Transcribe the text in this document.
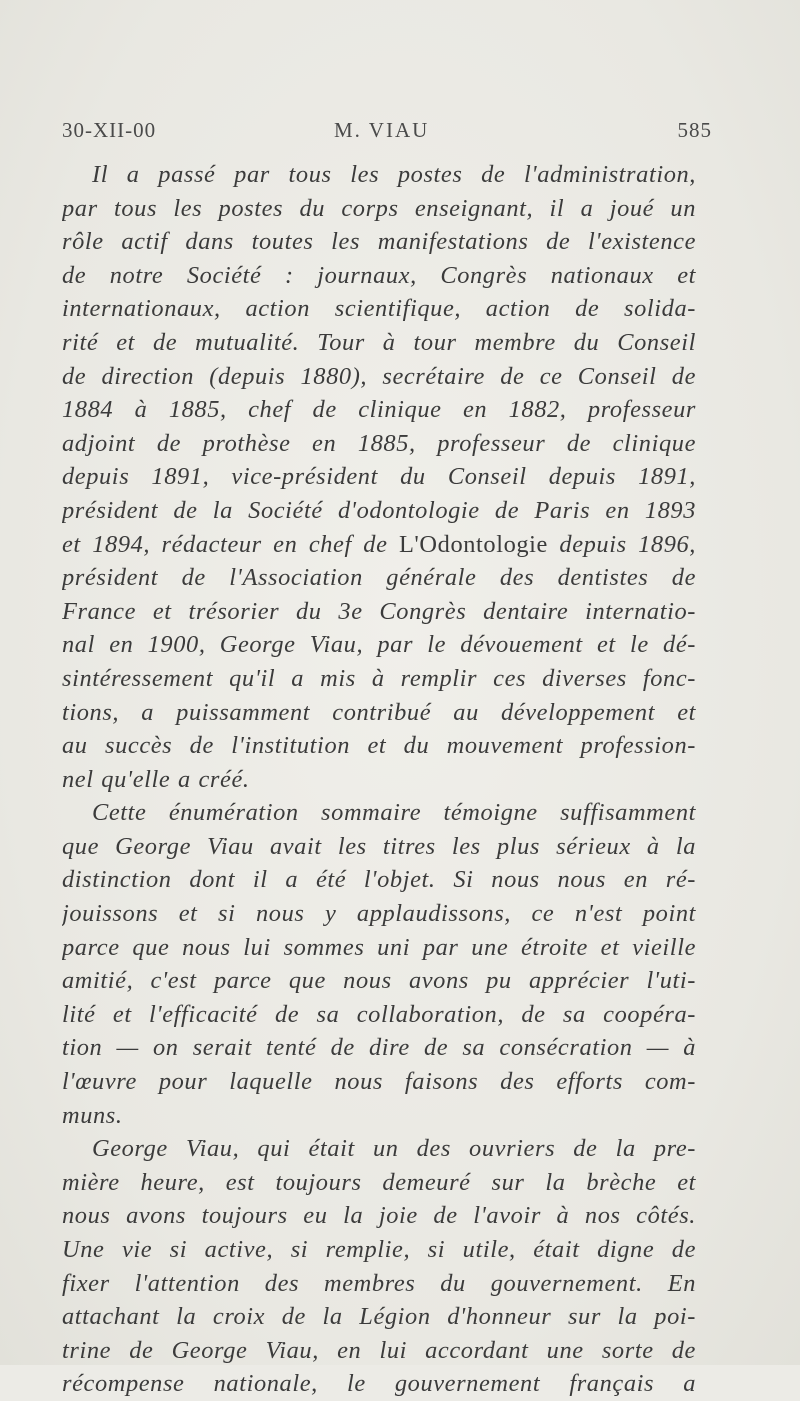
30-XII-00	M. VIAU	585
Il a passé par tous les postes de l'administration,
par tous les postes du corps enseignant, il a joué un
rôle actif dans toutes les manifestations de l'existence
de notre Société : journaux, Congrès nationaux et
internationaux, action scientifique, action de solida-
rité et de mutualité. Tour à tour membre du Conseil
de direction (depuis 1880), secrétaire de ce Conseil de
1884 à 1885, chef de clinique en 1882, professeur
adjoint de prothèse en 1885, professeur de clinique
depuis 1891, vice-président du Conseil depuis 1891,
président de la Société d'odontologie de Paris en 1893
et 1894, rédacteur en chef de L'Odontologie depuis 1896,
président de l'Association générale des dentistes de
France et trésorier du 3e Congrès dentaire internatio-
nal en 1900, George Viau, par le dévouement et le dé-
sintéressement qu'il a mis à remplir ces diverses fonc-
tions, a puissamment contribué au développement et
au succès de l'institution et du mouvement profession-
nel qu'elle a créé.
Cette énumération sommaire témoigne suffisamment
que George Viau avait les titres les plus sérieux à la
distinction dont il a été l'objet. Si nous nous en ré-
jouissons et si nous y applaudissons, ce n'est point
parce que nous lui sommes uni par une étroite et vieille
amitié, c'est parce que nous avons pu apprécier l'uti-
lité et l'efficacité de sa collaboration, de sa coopéra-
tion — on serait tenté de dire de sa consécration — à
l'œuvre pour laquelle nous faisons des efforts com-
muns.
George Viau, qui était un des ouvriers de la pre-
mière heure, est toujours demeuré sur la brèche et
nous avons toujours eu la joie de l'avoir à nos côtés.
Une vie si active, si remplie, si utile, était digne de
fixer l'attention des membres du gouvernement. En
attachant la croix de la Légion d'honneur sur la poi-
trine de George Viau, en lui accordant une sorte de
récompense nationale, le gouvernement français a
